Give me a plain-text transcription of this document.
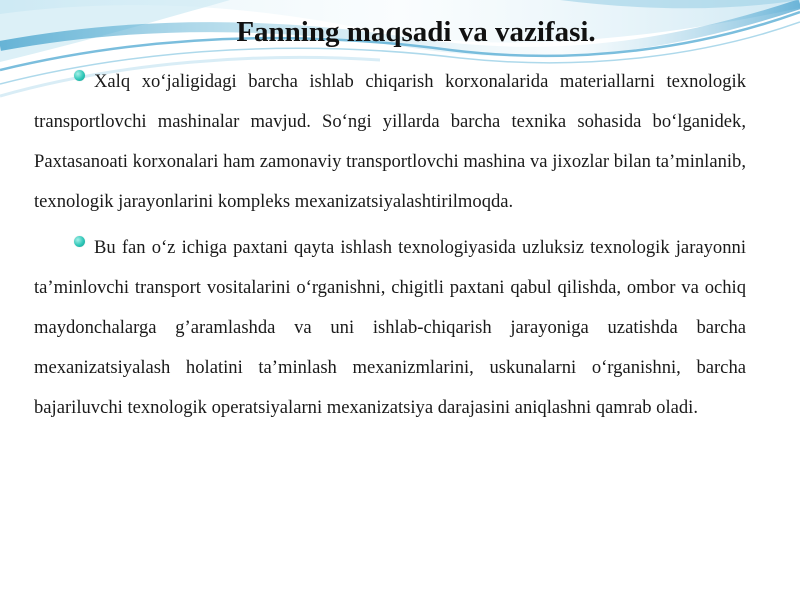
Fanning maqsadi va vazifasi.

Xalq xo‘jaligidagi barcha ishlab chiqarish korxonalarida materiallarni texnologik transportlovchi mashinalar mavjud. So‘ngi yillarda barcha texnika sohasida bo‘lganidek, Paxtasanoati korxonalari ham zamonaviy transportlovchi mashina va jixozlar bilan ta’minlanib, texnologik jarayonlarini kompleks mexanizatsiyalashtirilmoqda.

Bu fan o‘z ichiga paxtani qayta ishlash texnologiyasida uzluksiz texnologik jarayonni ta’minlovchi transport vositalarini o‘rganishni, chigitli paxtani qabul qilishda, ombor va ochiq maydonchalarga g’aramlashda va uni ishlab-chiqarish jarayoniga uzatishda barcha mexanizatsiyalash holatini ta’minlash mexanizmlarini, uskunalarni o‘rganishni, barcha bajariluvchi texnologik operatsiyalarni mexanizatsiya darajasini aniqlashni qamrab oladi.
